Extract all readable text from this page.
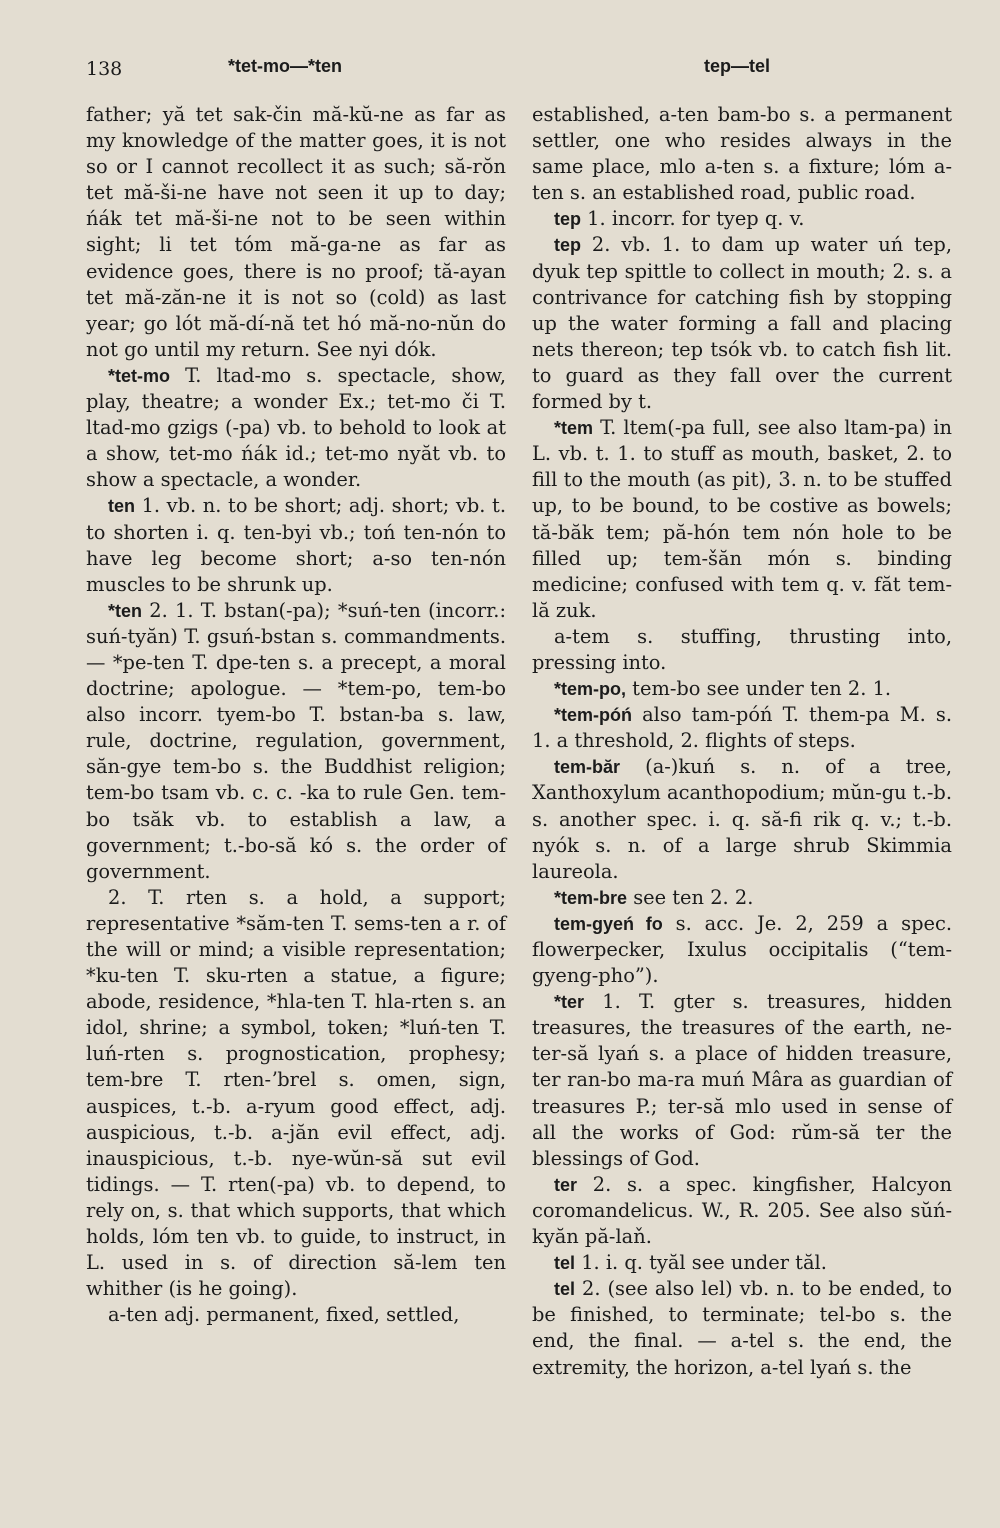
138	*tet-mo—*ten	tep—tel

father; yă tet sak-čin mă-kŭ-ne as far as my knowledge of the matter goes, it is not so or I cannot recollect it as such; să-rŏn tet mă-ši-ne have not seen it up to day; ńák tet mă-ši-ne not to be seen within sight; li tet tóm mă-ga-ne as far as evidence goes, there is no proof; tă-ayan tet mă-zăn-ne it is not so (cold) as last year; go lót mă-dí-nă tet hó mă-no-nŭn do not go until my return. See nyi dók.

*tet-mo T. ltad-mo s. spectacle, show, play, theatre; a wonder Ex.; tet-mo či T. ltad-mo gzigs (-pa) vb. to behold to look at a show, tet-mo ńák id.; tet-mo nyăt vb. to show a spectacle, a wonder.

ten 1. vb. n. to be short; adj. short; vb. t. to shorten i. q. ten-byi vb.; toń ten-nón to have leg become short; a-so ten-nón muscles to be shrunk up.

*ten 2. 1. T. bstan(-pa); *suń-ten (incorr.: suń-tyăn) T. gsuń-bstan s. commandments. — *pe-ten T. dpe-ten s. a precept, a moral doctrine; apologue. — *tem-po, tem-bo also incorr. tyem-bo T. bstan-ba s. law, rule, doctrine, regulation, government, săn-gye tem-bo s. the Buddhist religion; tem-bo tsam vb. c. c. -ka to rule Gen. tem-bo tsăk vb. to establish a law, a government; t.-bo-să kó s. the order of government.

2. T. rten s. a hold, a support; representative *săm-ten T. sems-ten a r. of the will or mind; a visible representation; *ku-ten T. sku-rten a statue, a figure; abode, residence, *hla-ten T. hla-rten s. an idol, shrine; a symbol, token; *luń-ten T. luń-rten s. prognostication, prophesy; tem-bre T. rten-ʼbrel s. omen, sign, auspices, t.-b. a-ryum good effect, adj. auspicious, t.-b. a-jăn evil effect, adj. inauspicious, t.-b. nye-wŭn-să sut evil tidings. — T. rten(-pa) vb. to depend, to rely on, s. that which supports, that which holds, lóm ten vb. to guide, to instruct, in L. used in s. of direction să-lem ten whither (is he going).

a-ten adj. permanent, fixed, settled,

established, a-ten bam-bo s. a permanent settler, one who resides always in the same place, mlo a-ten s. a fixture; lóm a-ten s. an established road, public road.

tep 1. incorr. for tyep q. v.

tep 2. vb. 1. to dam up water uń tep, dyuk tep spittle to collect in mouth; 2. s. a contrivance for catching fish by stopping up the water forming a fall and placing nets thereon; tep tsók vb. to catch fish lit. to guard as they fall over the current formed by t.

*tem T. ltem(-pa full, see also ltam-pa) in L. vb. t. 1. to stuff as mouth, basket, 2. to fill to the mouth (as pit), 3. n. to be stuffed up, to be bound, to be costive as bowels; tă-băk tem; pă-hón tem nón hole to be filled up; tem-šăn món s. binding medicine; confused with tem q. v. făt tem-lă zuk.

a-tem s. stuffing, thrusting into, pressing into.

*tem-po, tem-bo see under ten 2. 1.

*tem-póń also tam-póń T. them-pa M. s. 1. a threshold, 2. flights of steps.

tem-băr (a-)kuń s. n. of a tree, Xanthoxylum acanthopodium; mŭn-gu t.-b. s. another spec. i. q. să-fi rik q. v.; t.-b. nyók s. n. of a large shrub Skimmia laureola.

*tem-bre see ten 2. 2.

tem-gyeń fo s. acc. Je. 2, 259 a spec. flowerpecker, Ixulus occipitalis (“tem-gyeng-pho”).

*ter 1. T. gter s. treasures, hidden treasures, the treasures of the earth, ne-ter-să lyań s. a place of hidden treasure, ter ran-bo ma-ra muń Mâra as guardian of treasures P.; ter-să mlo used in sense of all the works of God: rŭm-să ter the blessings of God.

ter 2. s. a spec. kingfisher, Halcyon coromandelicus. W., R. 205. See also sŭń-kyăn pă-laň.

tel 1. i. q. tyăl see under tăl.

tel 2. (see also lel) vb. n. to be ended, to be finished, to terminate; tel-bo s. the end, the final. — a-tel s. the end, the extremity, the horizon, a-tel lyań s. the
